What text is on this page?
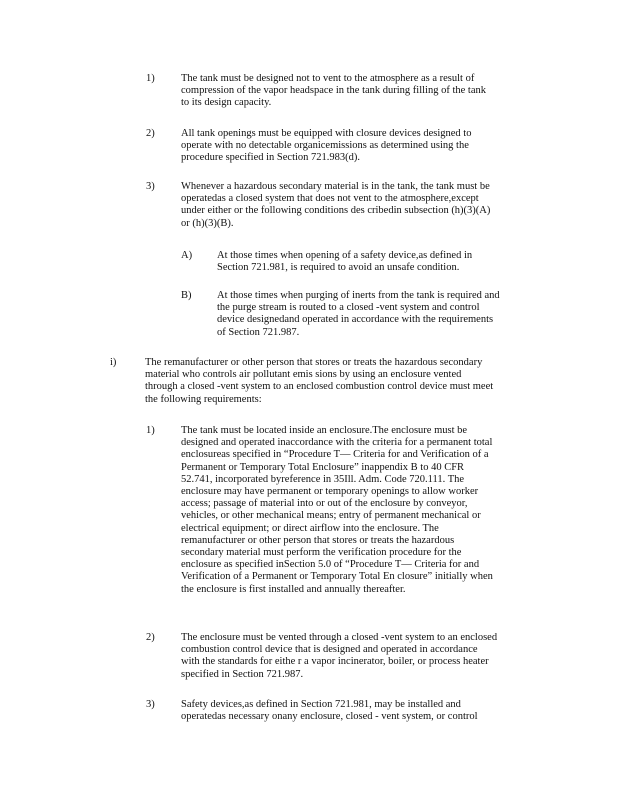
1)	The tank must be designed not to vent to the atmosphere as a result of
compression of the vapor headspace in the tank during filling of the tank
to its design capacity.
2)	All tank openings must be equipped with closure devices designed to
operate with no detectable organicemissions as determined using the
procedure specified in Section 721.983(d).
3)	Whenever a hazardous secondary material is in the tank, the tank must be
operatedas a closed system that does not vent to the atmosphere,except
under either or the following conditions des cribedin subsection (h)(3)(A)
or (h)(3)(B).
A) At those times when opening of a safety device,as defined in
Section 721.981, is required to avoid an unsafe condition.
B) At those times when purging of inerts from the tank is required and
the purge stream is routed to a closed -vent system and control
device designedand operated in accordance with the requirements
of Section 721.987.
i)	The remanufacturer or other person that stores or treats the hazardous secondary
material who controls air pollutant emis sions by using an enclosure vented
through a closed -vent system to an enclosed combustion control device must meet
the following requirements:
1)	The tank must be located inside an enclosure.The enclosure must be
designed and operated inaccordance with the criteria for a permanent total
enclosureas specified in “Procedure T— Criteria for and Verification of a
Permanent or Temporary Total Enclosure” inappendix B to 40 CFR
52.741, incorporated byreference in 35Ill. Adm. Code 720.111. The
enclosure may have permanent or temporary openings to allow worker
access; passage of material into or out of the enclosure by conveyor,
vehicles, or other mechanical means; entry of permanent mechanical or
electrical equipment; or direct airflow into the enclosure. The
remanufacturer or other person that stores or treats the hazardous
secondary material must perform the verification procedure for the
enclosure as specified inSection 5.0 of “Procedure T— Criteria for and
Verification of a Permanent or Temporary Total En closure” initially when
the enclosure is first installed and annually thereafter.
2)	The enclosure must be vented through a closed -vent system to an enclosed
combustion control device that is designed and operated in accordance
with the standards for eithe r a vapor incinerator, boiler, or process heater
specified in Section 721.987.
3)	Safety devices,as defined in Section 721.981, may be installed and
operatedas necessary onany enclosure, closed - vent system, or control
